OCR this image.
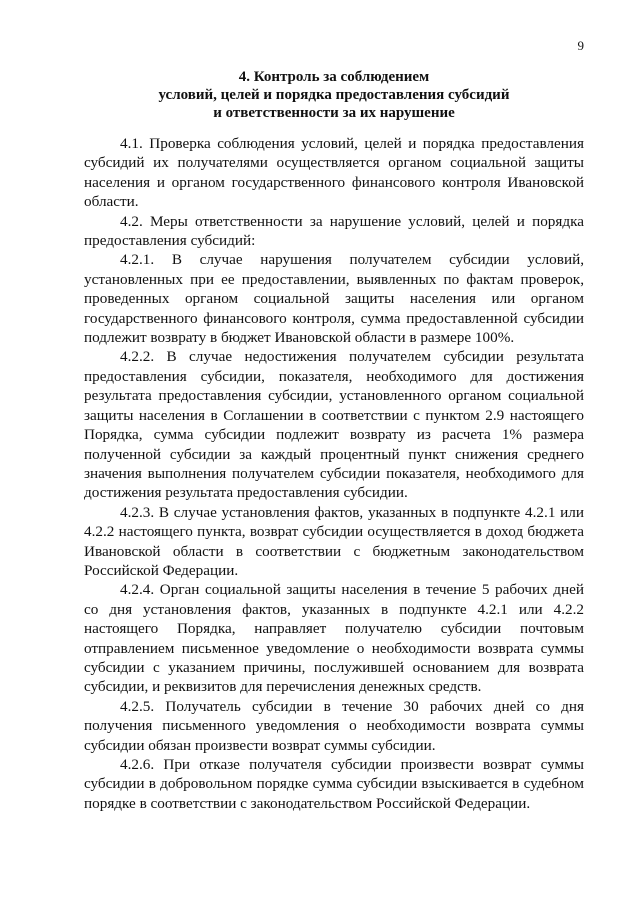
9
4. Контроль за соблюдением
условий, целей и порядка предоставления субсидий
и ответственности за их нарушение

4.1. Проверка соблюдения условий, целей и порядка предоставления субсидий их получателями осуществляется органом социальной защиты населения и органом государственного финансового контроля Ивановской области.

4.2. Меры ответственности за нарушение условий, целей и порядка предоставления субсидий:

4.2.1. В случае нарушения получателем субсидии условий, установленных при ее предоставлении, выявленных по фактам проверок, проведенных органом социальной защиты населения или органом государственного финансового контроля, сумма предоставленной субсидии подлежит возврату в бюджет Ивановской области в размере 100%.

4.2.2. В случае недостижения получателем субсидии результата предоставления субсидии, показателя, необходимого для достижения результата предоставления субсидии, установленного органом социальной защиты населения в Соглашении в соответствии с пунктом 2.9 настоящего Порядка, сумма субсидии подлежит возврату из расчета 1% размера полученной субсидии за каждый процентный пункт снижения среднего значения выполнения получателем субсидии показателя, необходимого для достижения результата предоставления субсидии.

4.2.3. В случае установления фактов, указанных в подпункте 4.2.1 или 4.2.2 настоящего пункта, возврат субсидии осуществляется в доход бюджета Ивановской области в соответствии с бюджетным законодательством Российской Федерации.

4.2.4. Орган социальной защиты населения в течение 5 рабочих дней со дня установления фактов, указанных в подпункте 4.2.1 или 4.2.2 настоящего Порядка, направляет получателю субсидии почтовым отправлением письменное уведомление о необходимости возврата суммы субсидии с указанием причины, послужившей основанием для возврата субсидии, и реквизитов для перечисления денежных средств.

4.2.5. Получатель субсидии в течение 30 рабочих дней со дня получения письменного уведомления о необходимости возврата суммы субсидии обязан произвести возврат суммы субсидии.

4.2.6. При отказе получателя субсидии произвести возврат суммы субсидии в добровольном порядке сумма субсидии взыскивается в судебном порядке в соответствии с законодательством Российской Федерации.
